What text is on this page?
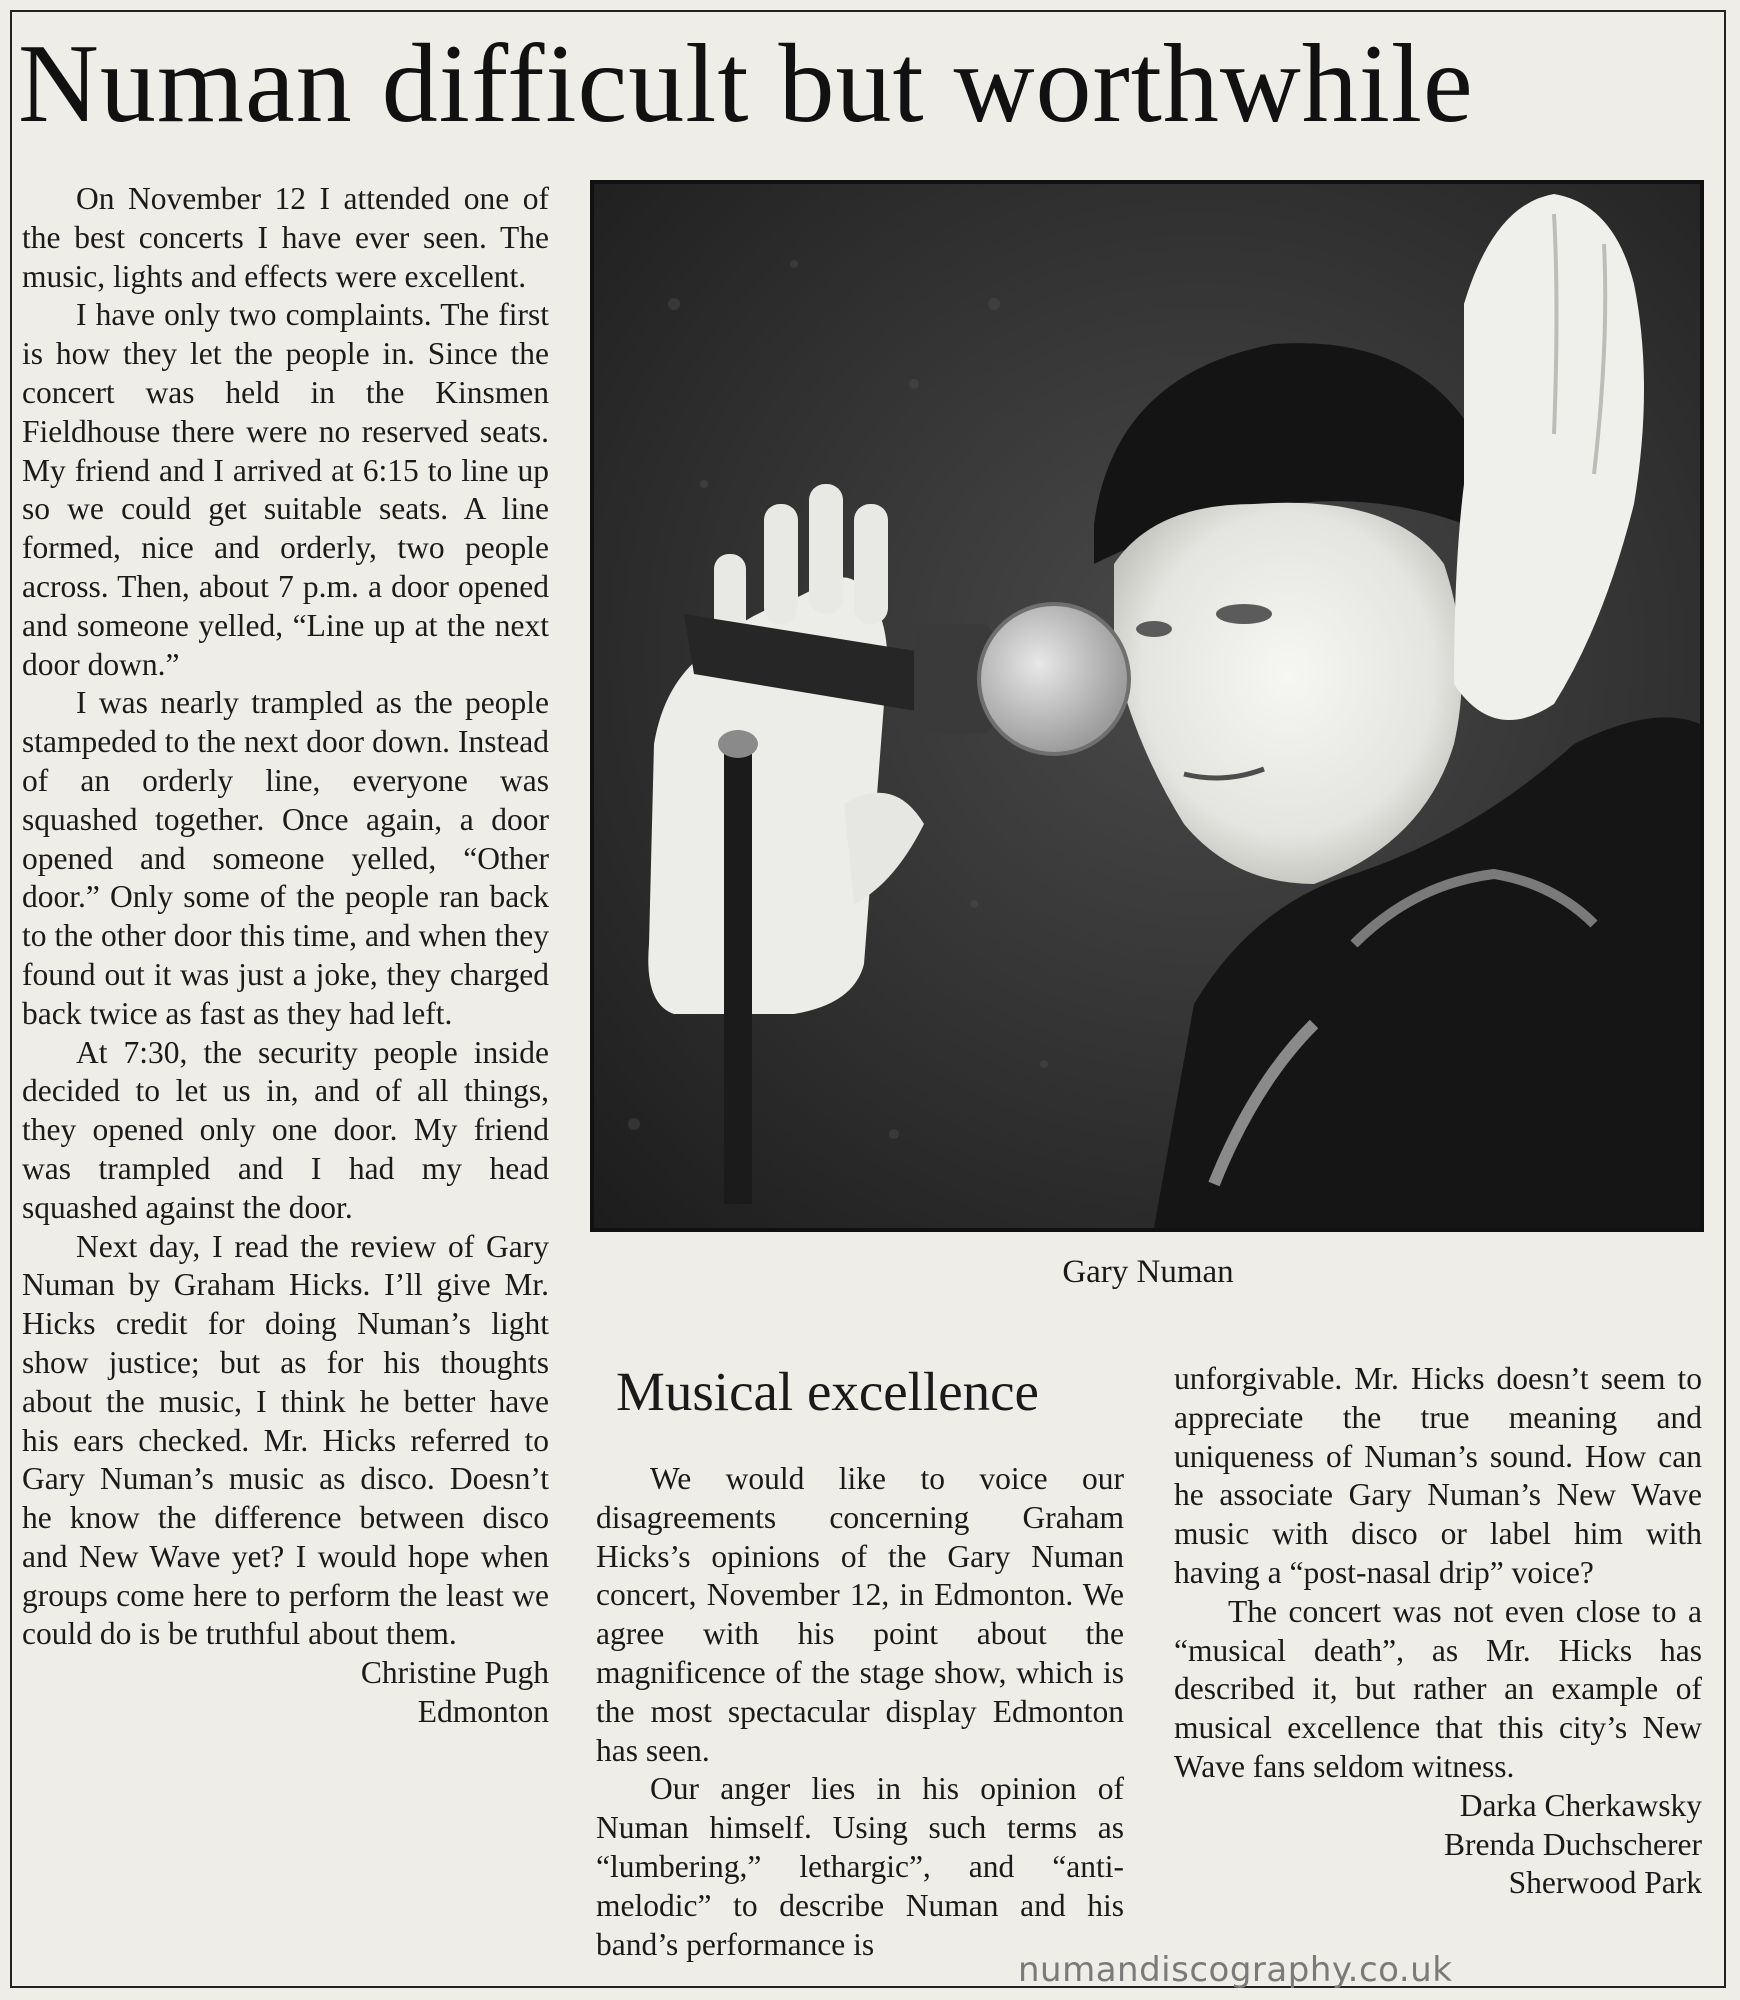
Numan difficult but worthwhile

On November 12 I attended one of the best concerts I have ever seen. The music, lights and effects were excellent.

I have only two complaints. The first is how they let the people in. Since the concert was held in the Kinsmen Fieldhouse there were no reserved seats. My friend and I arrived at 6:15 to line up so we could get suitable seats. A line formed, nice and orderly, two people across. Then, about 7 p.m. a door opened and someone yelled, “Line up at the next door down.”

I was nearly trampled as the people stampeded to the next door down. Instead of an orderly line, everyone was squashed together. Once again, a door opened and someone yelled, “Other door.” Only some of the people ran back to the other door this time, and when they found out it was just a joke, they charged back twice as fast as they had left.

At 7:30, the security people inside decided to let us in, and of all things, they opened only one door. My friend was trampled and I had my head squashed against the door.

Next day, I read the review of Gary Numan by Graham Hicks. I’ll give Mr. Hicks credit for doing Numan’s light show justice; but as for his thoughts about the music, I think he better have his ears checked. Mr. Hicks referred to Gary Numan’s music as disco. Doesn’t he know the difference between disco and New Wave yet? I would hope when groups come here to perform the least we could do is be truthful about them.

Christine Pugh
Edmonton
Gary Numan
Musical excellence

We would like to voice our disagreements concerning Graham Hicks’s opinions of the Gary Numan concert, November 12, in Edmonton. We agree with his point about the magnificence of the stage show, which is the most spectacular display Edmonton has seen.

Our anger lies in his opinion of Numan himself. Using such terms as “lumbering,” lethargic”, and “anti-melodic” to describe Numan and his band’s performance is

unforgivable. Mr. Hicks doesn’t seem to appreciate the true meaning and uniqueness of Numan’s sound. How can he associate Gary Numan’s New Wave music with disco or label him with having a “post-nasal drip” voice?

The concert was not even close to a “musical death”, as Mr. Hicks has described it, but rather an example of musical excellence that this city’s New Wave fans seldom witness.

Darka Cherkawsky
Brenda Duchscherer
Sherwood Park
numandiscography.co.uk
